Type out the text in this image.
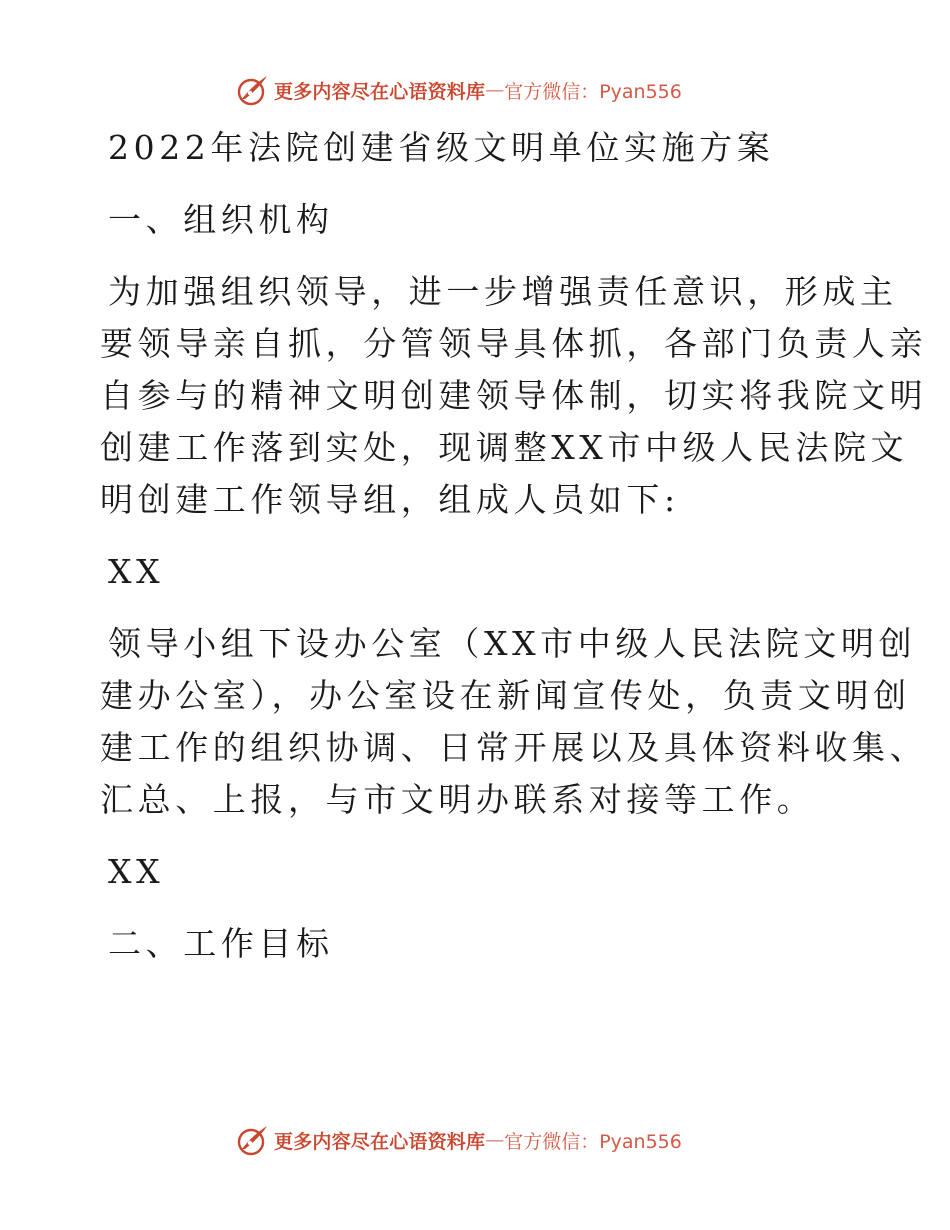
更多内容尽在心语资料库 — 官方微信：Pyan556
2022年法院创建省级文明单位实施方案
一、组织机构
为加强组织领导，进一步增强责任意识，形成主
要领导亲自抓，分管领导具体抓，各部门负责人亲
自参与的精神文明创建领导体制，切实将我院文明
创建工作落到实处，现调整XX市中级人民法院文
明创建工作领导组，组成人员如下:
XX
领导小组下设办公室（XX市中级人民法院文明创
建办公室），办公室设在新闻宣传处，负责文明创
建工作的组织协调、日常开展以及具体资料收集、
汇总、上报，与市文明办联系对接等工作。
XX
二、工作目标
更多内容尽在心语资料库 — 官方微信：Pyan556
